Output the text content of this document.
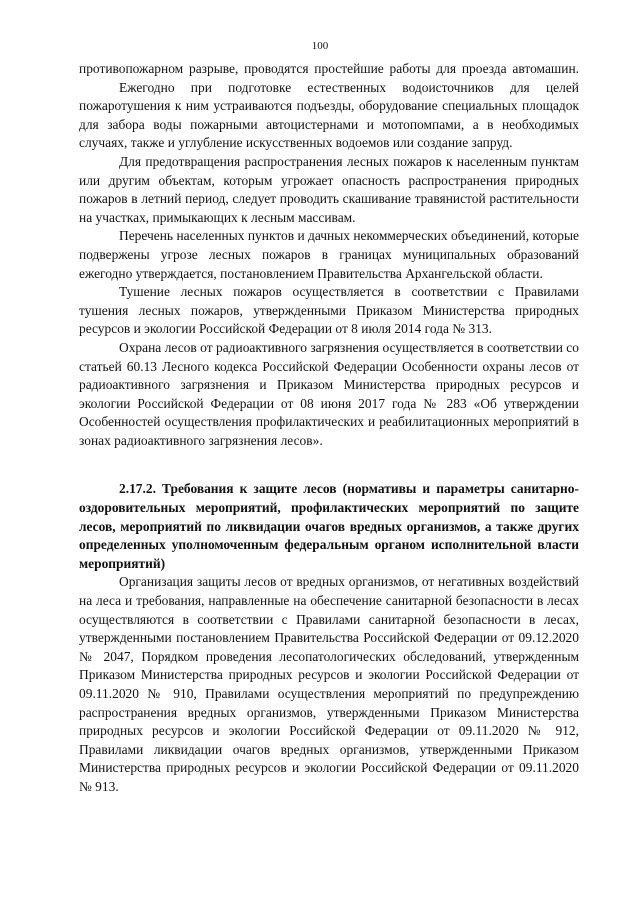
100

противопожарном разрыве, проводятся простейшие работы для проезда автомашин.

Ежегодно при подготовке естественных водоисточников для целей пожаротушения к ним устраиваются подъезды, оборудование специальных площадок для забора воды пожарными автоцистернами и мотопомпами, а в необходимых случаях, также и углубление искусственных водоемов или создание запруд.

Для предотвращения распространения лесных пожаров к населенным пунктам или другим объектам, которым угрожает опасность распространения природных пожаров в летний период, следует проводить скашивание травянистой растительности на участках, примыкающих к лесным массивам.

Перечень населенных пунктов и дачных некоммерческих объединений, которые подвержены угрозе лесных пожаров в границах муниципальных образований ежегодно утверждается, постановлением Правительства Архангельской области.

Тушение лесных пожаров осуществляется в соответствии с Правилами тушения лесных пожаров, утвержденными Приказом Министерства природных ресурсов и экологии Российской Федерации от 8 июля 2014 года № 313.

Охрана лесов от радиоактивного загрязнения осуществляется в соответствии со статьей 60.13 Лесного кодекса Российской Федерации Особенности охраны лесов от радиоактивного загрязнения и Приказом Министерства природных ресурсов и экологии Российской Федерации от 08 июня 2017 года № 283 «Об утверждении Особенностей осуществления профилактических и реабилитационных мероприятий в зонах радиоактивного загрязнения лесов».

2.17.2. Требования к защите лесов (нормативы и параметры санитарно-оздоровительных мероприятий, профилактических мероприятий по защите лесов, мероприятий по ликвидации очагов вредных организмов, а также других определенных уполномоченным федеральным органом исполнительной власти мероприятий)

Организация защиты лесов от вредных организмов, от негативных воздействий на леса и требования, направленные на обеспечение санитарной безопасности в лесах осуществляются в соответствии с Правилами санитарной безопасности в лесах, утвержденными постановлением Правительства Российской Федерации от 09.12.2020 № 2047, Порядком проведения лесопатологических обследований, утвержденным Приказом Министерства природных ресурсов и экологии Российской Федерации от 09.11.2020 № 910, Правилами осуществления мероприятий по предупреждению распространения вредных организмов, утвержденными Приказом Министерства природных ресурсов и экологии Российской Федерации от 09.11.2020 № 912, Правилами ликвидации очагов вредных организмов, утвержденными Приказом Министерства природных ресурсов и экологии Российской Федерации от 09.11.2020 № 913.
